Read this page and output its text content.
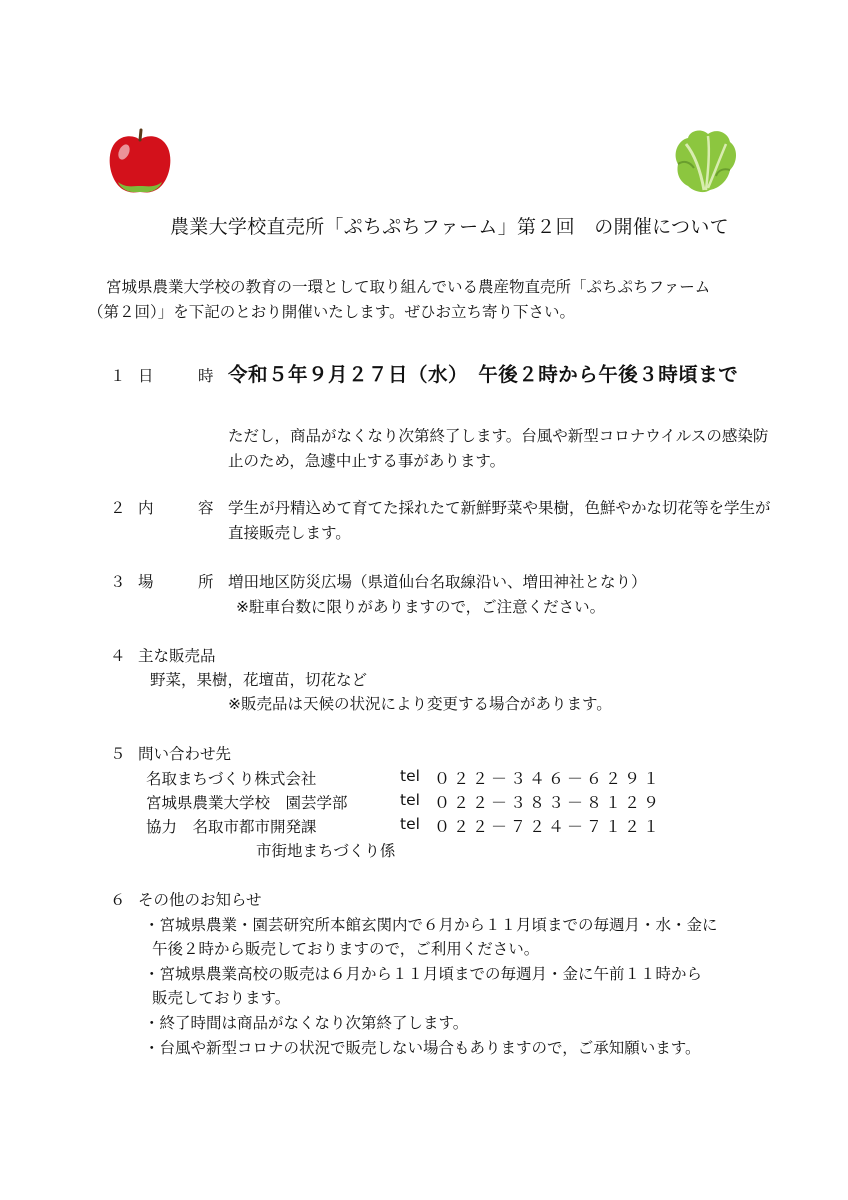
農業大学校直売所「ぷちぷちファーム」第２回　の開催について
宮城県農業大学校の教育の一環として取り組んでいる農産物直売所「ぷちぷちファーム
（第２回）」を下記のとおり開催いたします。ぜひお立ち寄り下さい。
１ 日	時 令和５年９月２７日（水）　午後２時から午後３時頃まで
ただし，商品がなくなり次第終了します。台風や新型コロナウイルスの感染防
止のため，急遽中止する事があります。
２ 内	容 学生が丹精込めて育てた採れたて新鮮野菜や果樹，色鮮やかな切花等を学生が
直接販売します。
３ 場	所 増田地区防災広場（県道仙台名取線沿い、増田神社となり）
※駐車台数に限りがありますので，ご注意ください。
４ 主な販売品
野菜，果樹，花壇苗，切花など
※販売品は天候の状況により変更する場合があります。
５ 問い合わせ先
名取まちづくり株式会社	tel ０２２－３４６－６２９１
宮城県農業大学校　園芸学部	tel ０２２－３８３－８１２９
協力　名取市都市開発課	tel ０２２－７２４－７１２１
市街地まちづくり係
６ その他のお知らせ
・宮城県農業・園芸研究所本館玄関内で６月から１１月頃までの毎週月・水・金に
午後２時から販売しておりますので，ご利用ください。
・宮城県農業高校の販売は６月から１１月頃までの毎週月・金に午前１１時から
販売しております。
・終了時間は商品がなくなり次第終了します。
・台風や新型コロナの状況で販売しない場合もありますので，ご承知願います。
